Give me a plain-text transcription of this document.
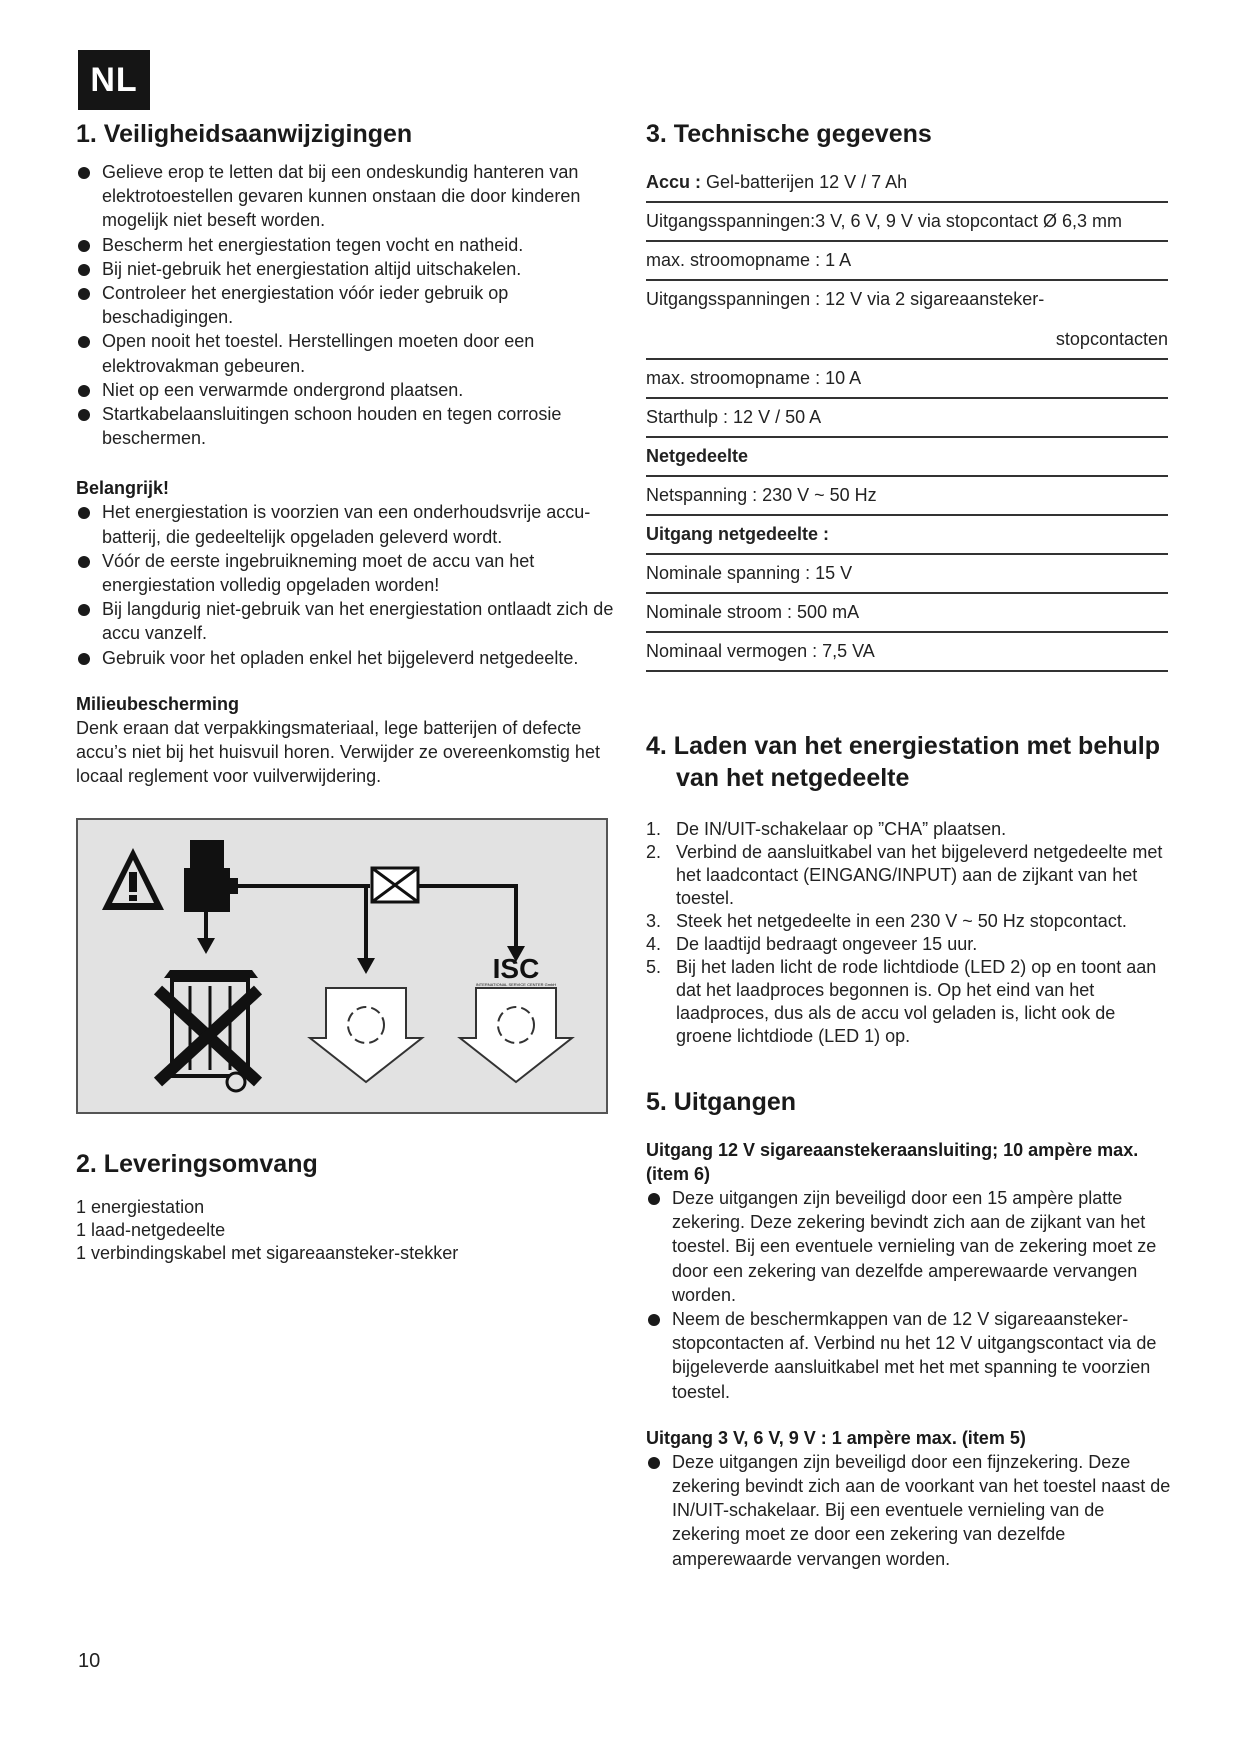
NL
1. Veiligheidsaanwijzigingen
Gelieve erop te letten dat bij een ondeskundig hanteren van elektrotoestellen gevaren kunnen onstaan die door kinderen mogelijk niet beseft worden.
Bescherm het energiestation tegen vocht en natheid.
Bij niet-gebruik het energiestation altijd uitschakelen.
Controleer het energiestation vóór ieder gebruik op beschadigingen.
Open nooit het toestel. Herstellingen moeten door een elektrovakman gebeuren.
Niet op een verwarmde ondergrond plaatsen.
Startkabelaansluitingen schoon houden en tegen corrosie beschermen.

Belangrijk!

Het energiestation is voorzien van een onderhoudsvrije accu-batterij, die gedeeltelijk opgeladen geleverd wordt.
Vóór de eerste ingebruikneming moet de accu van het energiestation volledig opgeladen worden!
Bij langdurig niet-gebruik van het energiestation ontlaadt zich de accu vanzelf.
Gebruik voor het opladen enkel het bijgeleverd netgedeelte.

Milieubescherming

Denk eraan dat verpakkingsmateriaal, lege batterijen of defecte accu’s niet bij het huisvuil horen. Verwijder ze overeenkomstig het locaal reglement voor vuilverwijdering.

ISC
INTERNATIONAL SERVICE CENTER GmbH
2. Leveringsomvang
1 energiestation
1 laad-netgedeelte
1 verbindingskabel met sigareaansteker-stekker
3. Technische gegevens
Accu : Gel-batterijen 12 V / 7 Ah
Uitgangsspanningen:3 V, 6 V, 9 V via stopcontact Ø 6,3 mm
max. stroomopname : 1 A
Uitgangsspanningen : 12 V via 2 sigareaansteker-
stopcontacten
max. stroomopname : 10 A
Starthulp : 12 V / 50 A
Netgedeelte
Netspanning : 230 V ~ 50 Hz
Uitgang netgedeelte :
Nominale spanning : 15 V
Nominale stroom : 500 mA
Nominaal vermogen : 7,5 VA
4. Laden van het energiestation met behulp
van het netgedeelte
1. De IN/UIT-schakelaar op ”CHA” plaatsen.
2. Verbind de aansluitkabel van het bijgeleverd netgedeelte met het laadcontact (EINGANG/INPUT) aan de zijkant van het toestel.
3. Steek het netgedeelte in een 230 V ~ 50 Hz stopcontact.
4. De laadtijd bedraagt ongeveer 15 uur.
5. Bij het laden licht de rode lichtdiode (LED 2) op en toont aan dat het laadproces begonnen is. Op het eind van het laadproces, dus als de accu vol geladen is, licht ook de groene lichtdiode (LED 1) op.
5. Uitgangen

Uitgang 12 V sigareaanstekeraansluiting; 10 ampère max. (item 6)

Deze uitgangen zijn beveiligd door een 15 ampère platte zekering. Deze zekering bevindt zich aan de zijkant van het toestel. Bij een eventuele vernieling van de zekering moet ze door een zekering van dezelfde amperewaarde vervangen worden.
Neem de beschermkappen van de 12 V sigareaansteker-stopcontacten af. Verbind nu het 12 V uitgangscontact via de bijgeleverde aansluitkabel met het met spanning te voorzien toestel.

Uitgang 3 V, 6 V, 9 V : 1 ampère max. (item 5)

Deze uitgangen zijn beveiligd door een fijnzekering. Deze zekering bevindt zich aan de voorkant van het toestel naast de IN/UIT-schakelaar. Bij een eventuele vernieling van de zekering moet ze door een zekering van dezelfde amperewaarde vervangen worden.
10
